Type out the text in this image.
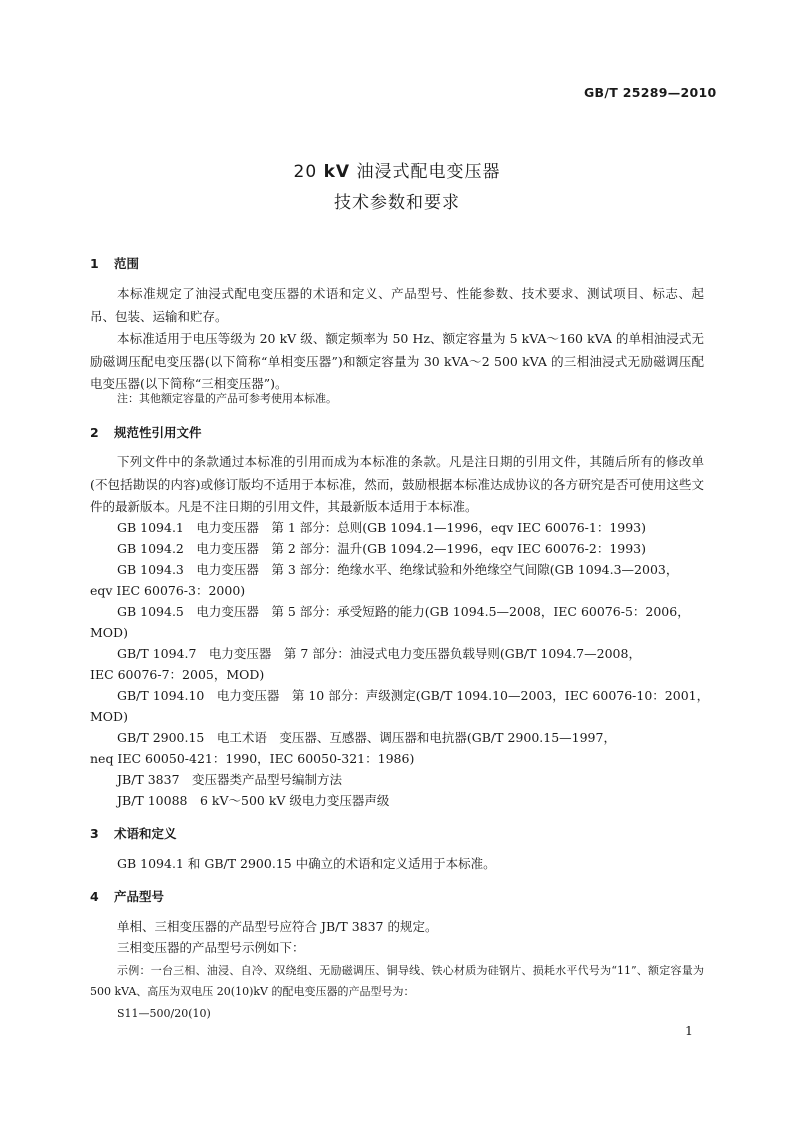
GB/T 25289—2010
20 kV 油浸式配电变压器
技术参数和要求
1 范围
本标准规定了油浸式配电变压器的术语和定义、产品型号、性能参数、技术要求、测试项目、标志、起吊、包装、运输和贮存。
本标准适用于电压等级为 20 kV 级、额定频率为 50 Hz、额定容量为 5 kVA～160 kVA 的单相油浸式无励磁调压配电变压器(以下简称“单相变压器”)和额定容量为 30 kVA～2 500 kVA 的三相油浸式无励磁调压配电变压器(以下简称“三相变压器”)。
注：其他额定容量的产品可参考使用本标准。
2 规范性引用文件
下列文件中的条款通过本标准的引用而成为本标准的条款。凡是注日期的引用文件，其随后所有的修改单(不包括勘误的内容)或修订版均不适用于本标准，然而，鼓励根据本标准达成协议的各方研究是否可使用这些文件的最新版本。凡是不注日期的引用文件，其最新版本适用于本标准。
GB 1094.1　电力变压器　第 1 部分：总则(GB 1094.1—1996，eqv IEC 60076-1：1993)
GB 1094.2　电力变压器　第 2 部分：温升(GB 1094.2—1996，eqv IEC 60076-2：1993)
GB 1094.3　电力变压器　第 3 部分：绝缘水平、绝缘试验和外绝缘空气间隙(GB 1094.3—2003，
eqv IEC 60076-3：2000)
GB 1094.5　电力变压器　第 5 部分：承受短路的能力(GB 1094.5—2008，IEC 60076-5：2006，
MOD)
GB/T 1094.7　电力变压器　第 7 部分：油浸式电力变压器负载导则(GB/T 1094.7—2008，
IEC 60076-7：2005，MOD)
GB/T 1094.10　电力变压器　第 10 部分：声级测定(GB/T 1094.10—2003，IEC 60076-10：2001，
MOD)
GB/T 2900.15　电工术语　变压器、互感器、调压器和电抗器(GB/T 2900.15—1997，
neq IEC 60050-421：1990，IEC 60050-321：1986)
JB/T 3837　变压器类产品型号编制方法
JB/T 10088　6 kV～500 kV 级电力变压器声级
3 术语和定义
GB 1094.1 和 GB/T 2900.15 中确立的术语和定义适用于本标准。
4 产品型号
单相、三相变压器的产品型号应符合 JB/T 3837 的规定。
三相变压器的产品型号示例如下：
示例：一台三相、油浸、自冷、双绕组、无励磁调压、铜导线、铁心材质为硅钢片、损耗水平代号为“11”、额定容量为 500 kVA、高压为双电压 20(10)kV 的配电变压器的产品型号为：
S11—500/20(10)
1
